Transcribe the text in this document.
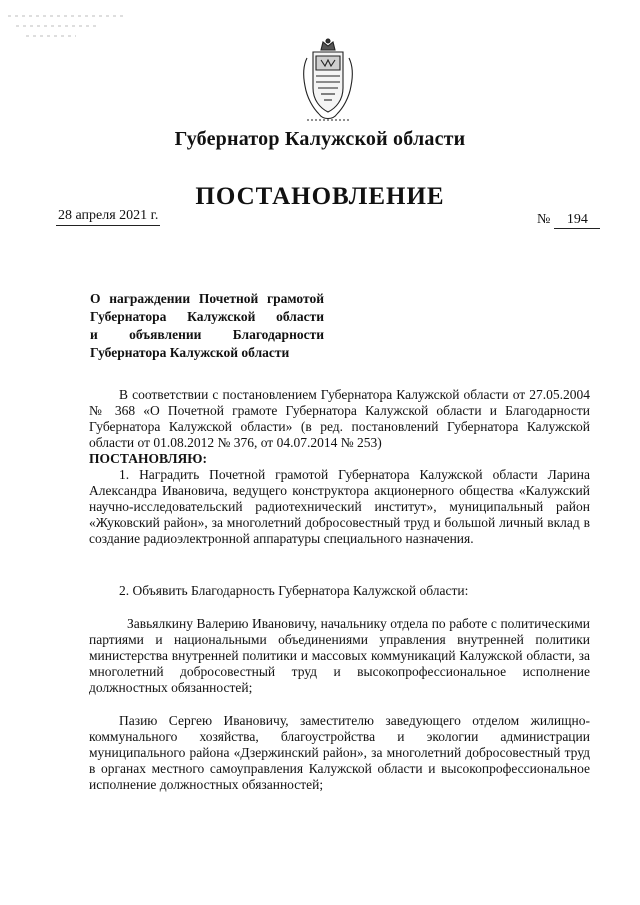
Губернатор Калужской области
ПОСТАНОВЛЕНИЕ
28 апреля 2021 г.	№ 194
О награждении Почетной грамотой
Губернатора Калужской области
и объявлении Благодарности
Губернатора Калужской области

В соответствии с постановлением Губернатора Калужской области от 27.05.2004 № 368 «О Почетной грамоте Губернатора Калужской области и Благодарности Губернатора Калужской области» (в ред. постановлений Губернатора Калужской области от 01.08.2012 № 376, от 04.07.2014 № 253)

ПОСТАНОВЛЯЮ:

1. Наградить Почетной грамотой Губернатора Калужской области Ларина Александра Ивановича, ведущего конструктора акционерного общества «Калужский научно-исследовательский радиотехнический институт», муниципальный район «Жуковский район», за многолетний добросовестный труд и большой личный вклад в создание радиоэлектронной аппаратуры специального назначения.

2. Объявить Благодарность Губернатора Калужской области:

Завьялкину Валерию Ивановичу, начальнику отдела по работе с политическими партиями и национальными объединениями управления внутренней политики министерства внутренней политики и массовых коммуникаций Калужской области, за многолетний добросовестный труд и высокопрофессиональное исполнение должностных обязанностей;

Пазию Сергею Ивановичу, заместителю заведующего отделом жилищно-коммунального хозяйства, благоустройства и экологии администрации муниципального района «Дзержинский район», за многолетний добросовестный труд в органах местного самоуправления Калужской области и высокопрофессиональное исполнение должностных обязанностей;
